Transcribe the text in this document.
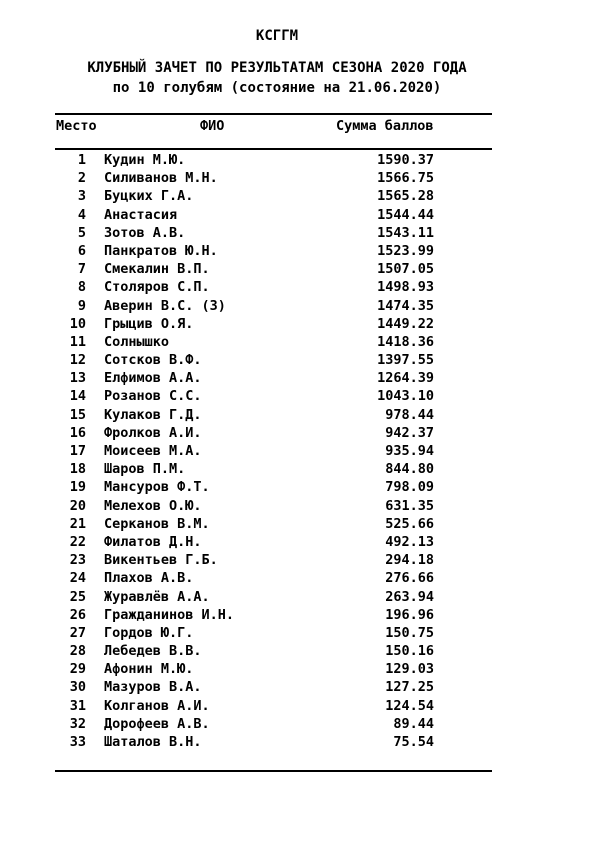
КСГГМ
КЛУБНЫЙ ЗАЧЕТ ПО РЕЗУЛЬТАТАМ СЕЗОНА 2020 ГОДА
по 10 голубям (состояние на 21.06.2020)
Место	ФИО	Сумма баллов
1 Кудин М.Ю.	1590.37
2 Силиванов М.Н.	1566.75
3 Буцких Г.А.	1565.28
4 Анастасия	1544.44
5 Зотов А.В.	1543.11
6 Панкратов Ю.Н.	1523.99
7 Смекалин В.П.	1507.05
8 Столяров С.П.	1498.93
9 Аверин В.С. (З)	1474.35
10 Грыцив О.Я.	1449.22
11 Солнышко	1418.36
12 Сотсков В.Ф.	1397.55
13 Елфимов А.А.	1264.39
14 Розанов С.С.	1043.10
15 Кулаков Г.Д.	978.44
16 Фролков А.И.	942.37
17 Моисеев М.А.	935.94
18 Шаров П.М.	844.80
19 Мансуров Ф.Т.	798.09
20 Мелехов О.Ю.	631.35
21 Серканов В.М.	525.66
22 Филатов Д.Н.	492.13
23 Викентьев Г.Б.	294.18
24 Плахов А.В.	276.66
25 Журавлёв А.А.	263.94
26 Гражданинов И.Н.	196.96
27 Гордов Ю.Г.	150.75
28 Лебедев В.В.	150.16
29 Афонин М.Ю.	129.03
30 Мазуров В.А.	127.25
31 Колганов А.И.	124.54
32 Дорофеев А.В.	89.44
33 Шаталов В.Н.	75.54
